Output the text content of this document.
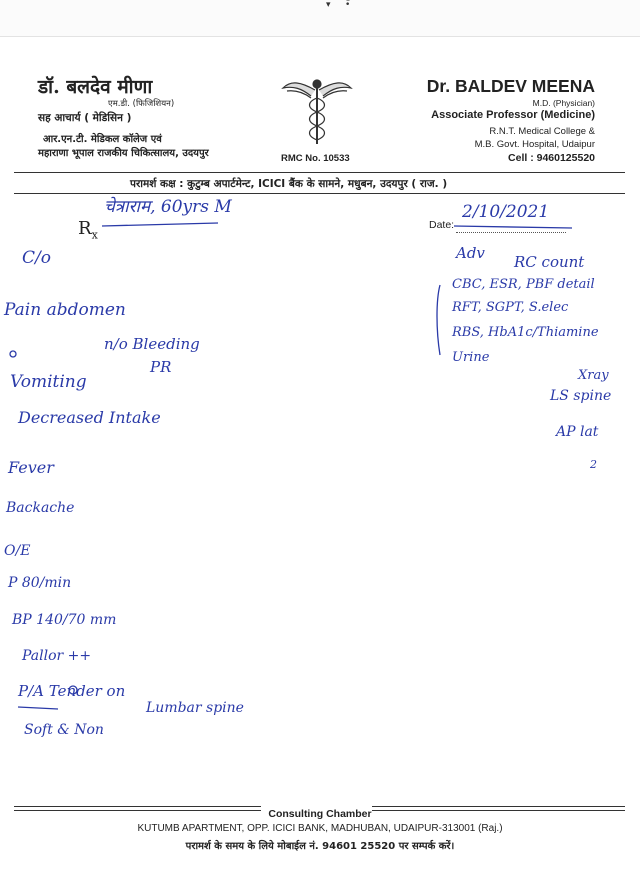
▾ •̈
डॉ. बलदेव मीणा
एम.डी. (फिजिशियन)
सह आचार्य ( मेडिसिन )
आर.एन.टी. मेडिकल कॉलेज एवं
महाराणा भूपाल राजकीय चिकित्सालय, उदयपुर	RMC No. 10533
Dr. BALDEV MEENA
M.D. (Physician)
Associate Professor (Medicine)
R.N.T. Medical College &
M.B. Govt. Hospital, Udaipur
Cell : 9460125520
परामर्श कक्ष : कुटुम्ब अपार्टमेन्ट, ICICI बैंक के सामने, मधुबन, उदयपुर ( राज. )
$R_x$
Date:
चेत्राराम, 60yrs M	2/10/2021
C/o
Pain abdomen
Vomiting
Decreased Intake
Fever
Backache
O/E
P 80/min
BP 140/70 mm
Pallor ++
P/A Tender on
Soft & Non
Lumbar spine
n/o Bleeding
PR
Adv RC count
CBC, ESR, PBF detail
RFT, SGPT, S.elec
RBS, HbA1c/Thiamine
Urine
Xray
LS spine
AP lat
2
Consulting Chamber
KUTUMB APARTMENT, OPP. ICICI BANK, MADHUBAN, UDAIPUR-313001 (Raj.)
परामर्श के समय के लिये मोबाईल नं. 94601 25520 पर सम्पर्क करें।
